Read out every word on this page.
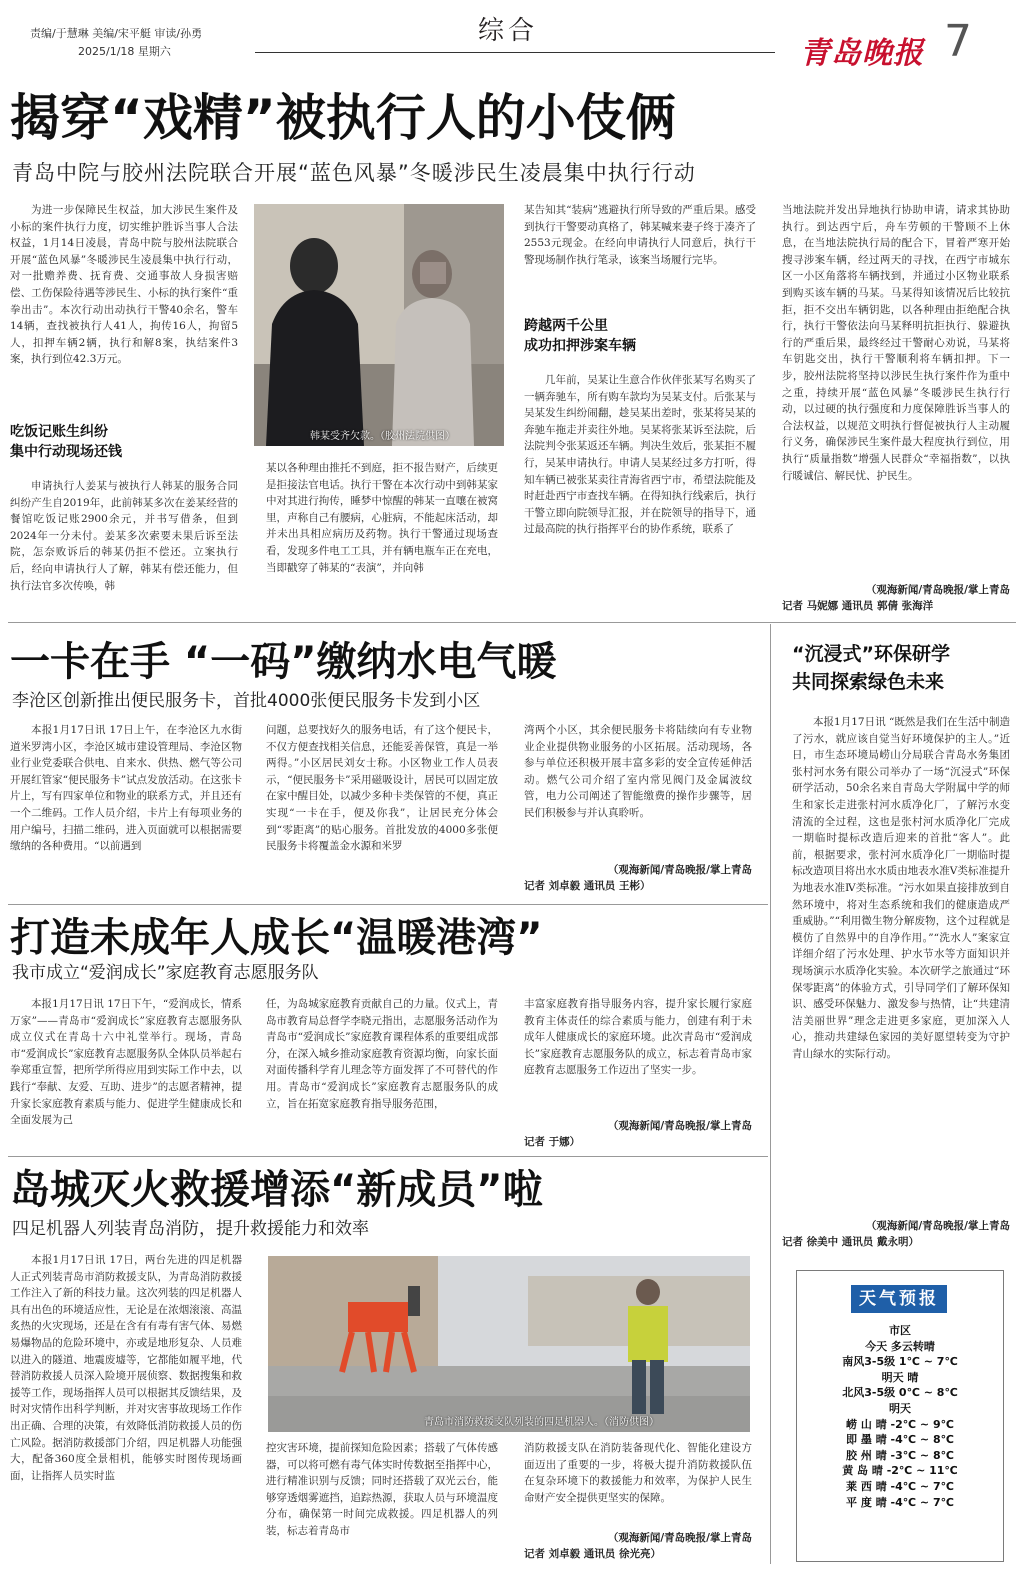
责编/于慧琳 美编/宋平艇 审读/孙勇
2025/1/18 星期六
综合
青岛晚报 7
揭穿“戏精”被执行人的小伎俩
青岛中院与胶州法院联合开展“蓝色风暴”冬暖涉民生凌晨集中执行行动
为进一步保障民生权益，加大涉民生案件及小标的案件执行力度，切实维护胜诉当事人合法权益，1月14日凌晨，青岛中院与胶州法院联合开展“蓝色风暴”冬暖涉民生凌晨集中执行行动，对一批赡养费、抚育费、交通事故人身损害赔偿、工伤保险待遇等涉民生、小标的执行案件“重拳出击”。本次行动出动执行干警40余名，警车14辆，查找被执行人41人，拘传16人，拘留5人，扣押车辆2辆，执行和解8案，执结案件3案，执行到位42.3万元。
吃饭记账生纠纷
集中行动现场还钱
申请执行人姜某与被执行人韩某的服务合同纠纷产生自2019年，此前韩某多次在姜某经营的餐馆吃饭记账2900余元，并书写借条，但到2024年一分未付。姜某多次索要未果后诉至法院，怎奈败诉后的韩某仍拒不偿还。立案执行后，经向申请执行人了解，韩某有偿还能力，但执行法官多次传唤，韩
韩某受齐欠款。（胶州法院供图）
某以各种理由推托不到庭，拒不报告财产，后续更是拒接法官电话。执行干警在本次行动中到韩某家中对其进行拘传，睡梦中惊醒的韩某一直嚷在被窝里，声称自己有腰病，心脏病，不能起床活动，却并未出具相应病历及药物。执行干警通过现场查看，发现多件电工工具，并有辆电瓶车正在充电，当即戳穿了韩某的“表演”，并向韩
某告知其“装病”逃避执行所导致的严重后果。感受到执行干警要动真格了，韩某喊来妻子终于凑齐了2553元现金。在经向申请执行人同意后，执行干警现场制作执行笔录，该案当场履行完毕。
跨越两千公里
成功扣押涉案车辆
几年前，吴某让生意合作伙伴张某写名购买了一辆奔驰车，所有购车款均为吴某支付。后张某与吴某发生纠纷闹翻，趁吴某出差时，张某将吴某的奔驰车拖走并卖往外地。吴某将张某诉至法院，后法院判令张某返还车辆。判决生效后，张某拒不履行，吴某申请执行。申请人吴某经过多方打听，得知车辆已被张某卖往青海省西宁市，希望法院能及时赶赴西宁市查找车辆。在得知执行线索后，执行干警立即向院领导汇报，并在院领导的指导下，通过最高院的执行指挥平台的协作系统，联系了
当地法院并发出异地执行协助申请，请求其协助执行。到达西宁后，舟车劳顿的干警顾不上休息，在当地法院执行局的配合下，冒着严寒开始搜寻涉案车辆，经过两天的寻找，在西宁市城东区一小区角落将车辆找到，并通过小区物业联系到购买该车辆的马某。马某得知该情况后比较抗拒，拒不交出车辆钥匙，以各种理由拒绝配合执行，执行干警依法向马某释明抗拒执行、躲避执行的严重后果，最终经过干警耐心劝说，马某将车钥匙交出，执行干警顺利将车辆扣押。下一步，胶州法院将坚持以涉民生执行案件作为重中之重，持续开展“蓝色风暴”冬暖涉民生执行行动，以过硬的执行强度和力度保障胜诉当事人的合法权益，以规范文明执行督促被执行人主动履行义务，确保涉民生案件最大程度执行到位，用执行“质量指数”增强人民群众“幸福指数”，以执行暖诚信、解民忧、护民生。
（观海新闻/青岛晚报/掌上青岛
记者 马妮娜 通讯员 郭倩 张海洋
一卡在手 “一码”缴纳水电气暖
李沧区创新推出便民服务卡，首批4000张便民服务卡发到小区
本报1月17日讯 17日上午，在李沧区九水街道米罗湾小区，李沧区城市建设管理局、李沧区物业行业党委联合供电、自来水、供热、燃气等公司开展红管家“便民服务卡”试点发放活动。在这张卡片上，写有四家单位和物业的联系方式，并且还有一个二维码。工作人员介绍，卡片上有每项业务的用户编号，扫描二维码，进入页面就可以根据需要缴纳的各种费用。“以前遇到
问题，总要找好久的服务电话，有了这个便民卡，不仅方便查找相关信息，还能妥善保管，真是一举两得。”小区居民刘女士称。小区物业工作人员表示，“便民服务卡”采用磁吸设计，居民可以固定放在家中醒目处，以减少多种卡类保管的不便，真正实现“一卡在手，便及你我”，让居民充分体会到“零距离”的贴心服务。首批发放的4000多张便民服务卡将覆盖金水源和米罗
湾两个小区，其余便民服务卡将陆续向有专业物业企业提供物业服务的小区拓展。活动现场，各参与单位还积极开展丰富多彩的安全宣传延伸活动。燃气公司介绍了室内常见阀门及金属波纹管，电力公司阐述了智能缴费的操作步骤等，居民们积极参与并认真聆听。
（观海新闻/青岛晚报/掌上青岛
记者 刘卓毅 通讯员 王彬）
打造未成年人成长“温暖港湾”
我市成立“爱润成长”家庭教育志愿服务队
本报1月17日讯 17日下午，“爱润成长，情系万家”——青岛市“爱润成长”家庭教育志愿服务队成立仪式在青岛十六中礼堂举行。现场，青岛市“爱润成长”家庭教育志愿服务队全体队员举起右拳郑重宣誓，把所学所得应用到实际工作中去，以践行“奉献、友爱、互助、进步”的志愿者精神，提升家长家庭教育素质与能力、促进学生健康成长和全面发展为己
任，为岛城家庭教育贡献自己的力量。仪式上，青岛市教育局总督学李晓元指出，志愿服务活动作为青岛市“爱润成长”家庭教育课程体系的重要组成部分，在深入城乡推动家庭教育资源均衡，向家长面对面传播科学育儿理念等方面发挥了不可替代的作用。青岛市“爱润成长”家庭教育志愿服务队的成立，旨在拓宽家庭教育指导服务范围，
丰富家庭教育指导服务内容，提升家长履行家庭教育主体责任的综合素质与能力，创建有利于未成年人健康成长的家庭环境。此次青岛市“爱润成长”家庭教育志愿服务队的成立，标志着青岛市家庭教育志愿服务工作迈出了坚实一步。
（观海新闻/青岛晚报/掌上青岛
记者 于娜）
岛城灭火救援增添“新成员”啦
四足机器人列装青岛消防，提升救援能力和效率
本报1月17日讯 17日，两台先进的四足机器人正式列装青岛市消防救援支队，为青岛消防救援工作注入了新的科技力量。这次列装的四足机器人具有出色的环境适应性，无论是在浓烟滚滚、高温炙热的火灾现场，还是在含有有毒有害气体、易燃易爆物品的危险环境中，亦或是地形复杂、人员难以进入的隧道、地震废墟等，它都能如履平地，代替消防救援人员深入险境开展侦察、数据搜集和救援等工作，现场指挥人员可以根据其反馈结果，及时对灾情作出科学判断，并对灾害事故现场工作作出正确、合理的决策，有效降低消防救援人员的伤亡风险。据消防救援部门介绍，四足机器人功能强大，配备360度全景相机，能够实时图传现场画面，让指挥人员实时监
青岛市消防救援支队列装的四足机器人。（消防供图）
控灾害环境，提前探知危险因素；搭载了气体传感器，可以将可燃有毒气体实时传数据至指挥中心，进行精准识别与反馈；同时还搭载了双光云台，能够穿透烟雾遮挡，追踪热源，获取人员与环境温度分布，确保第一时间完成救援。四足机器人的列装，标志着青岛市
消防救援支队在消防装备现代化、智能化建设方面迈出了重要的一步，将极大提升消防救援队伍在复杂环境下的救援能力和效率，为保护人民生命财产安全提供更坚实的保障。
（观海新闻/青岛晚报/掌上青岛
记者 刘卓毅 通讯员 徐光亮）
“沉浸式”环保研学
共同探索绿色未来
本报1月17日讯 “既然是我们在生活中制造了污水，就应该自觉当好环境保护的主人。”近日，市生态环境局崂山分局联合青岛水务集团张村河水务有限公司举办了一场“沉浸式”环保研学活动，50余名来自青岛大学附属中学的师生和家长走进张村河水质净化厂，了解污水变清流的全过程，这也是张村河水质净化厂完成一期临时提标改造后迎来的首批“客人”。此前，根据要求，张村河水质净化厂一期临时提标改造项目将出水水质由地表水准Ⅴ类标准提升为地表水准Ⅳ类标准。“污水如果直接排放到自然环境中，将对生态系统和我们的健康造成严重威胁。”“利用微生物分解废物，这个过程就是模仿了自然界中的自净作用。”“洗水人”案家宣详细介绍了污水处理、护水节水等方面知识并现场演示水质净化实验。本次研学之旅通过“环保零距离”的体验方式，引导同学们了解环保知识、感受环保魅力、激发参与热情，让“共建清洁美丽世界”理念走进更多家庭，更加深入人心，推动共建绿色家园的美好愿望转变为守护青山绿水的实际行动。
（观海新闻/青岛晚报/掌上青岛
记者 徐美中 通讯员 戴永明）
天气预报
市区
今天 多云转晴
南风3-5级 1℃ ~ 7℃
明天 晴
北风3-5级 0℃ ~ 8℃
明天
崂 山 晴 -2℃ ~ 9℃
即 墨 晴 -4℃ ~ 8℃
胶 州 晴 -3℃ ~ 8℃
黄 岛 晴 -2℃ ~ 11℃
莱 西 晴 -4℃ ~ 7℃
平 度 晴 -4℃ ~ 7℃
